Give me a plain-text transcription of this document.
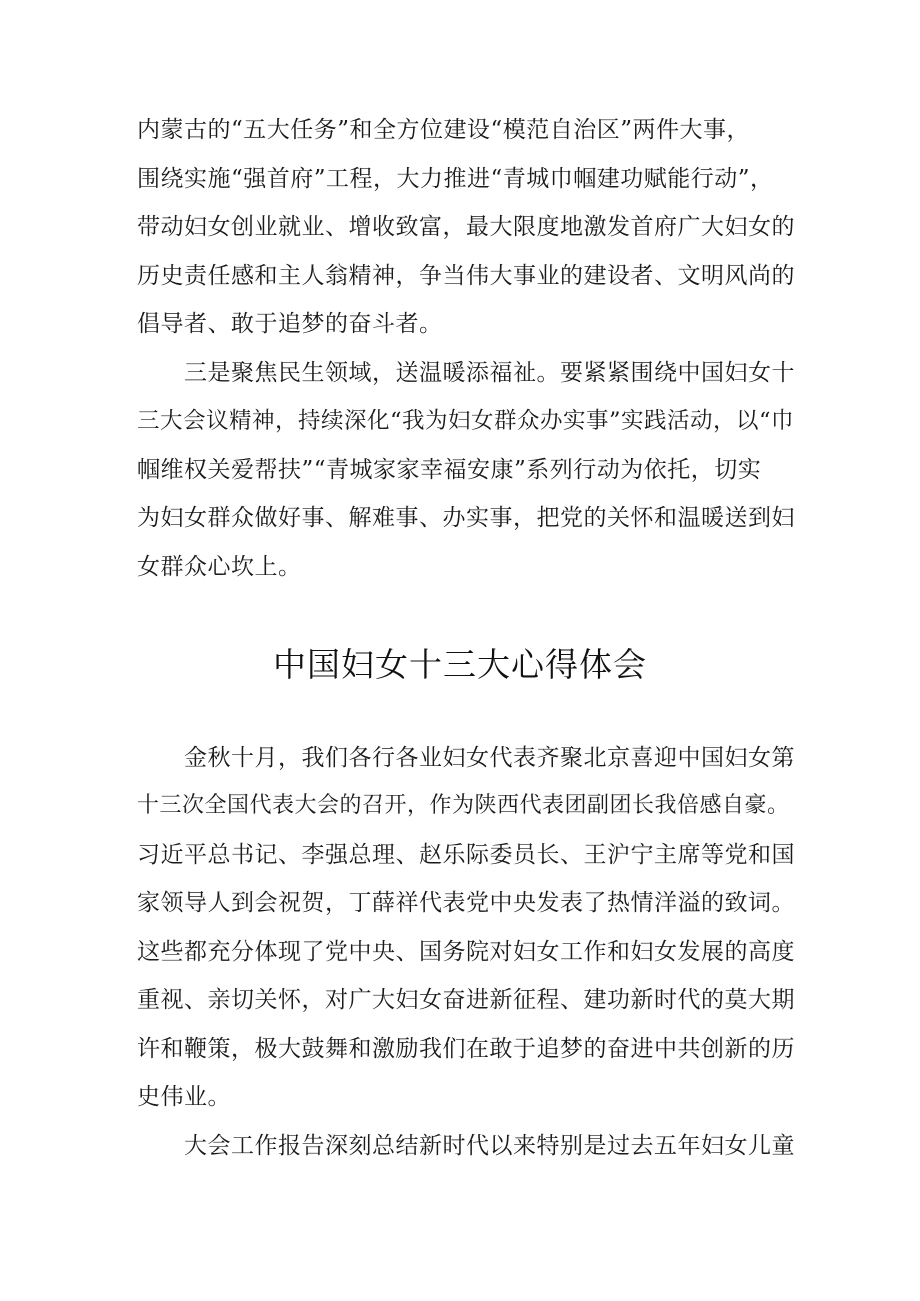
内蒙古的“五大任务”和全方位建设“模范自治区”两件大事，
围绕实施“强首府”工程，大力推进“青城巾帼建功赋能行动”，
带动妇女创业就业、增收致富，最大限度地激发首府广大妇女的
历史责任感和主人翁精神，争当伟大事业的建设者、文明风尚的
倡导者、敢于追梦的奋斗者。
　　三是聚焦民生领域，送温暖添福祉。要紧紧围绕中国妇女十
三大会议精神，持续深化“我为妇女群众办实事”实践活动，以“巾
帼维权关爱帮扶”“青城家家幸福安康”系列行动为依托，切实
为妇女群众做好事、解难事、办实事，把党的关怀和温暖送到妇
女群众心坎上。
中国妇女十三大心得体会
　　金秋十月，我们各行各业妇女代表齐聚北京喜迎中国妇女第
十三次全国代表大会的召开，作为陕西代表团副团长我倍感自豪。
习近平总书记、李强总理、赵乐际委员长、王沪宁主席等党和国
家领导人到会祝贺，丁薛祥代表党中央发表了热情洋溢的致词。
这些都充分体现了党中央、国务院对妇女工作和妇女发展的高度
重视、亲切关怀，对广大妇女奋进新征程、建功新时代的莫大期
许和鞭策，极大鼓舞和激励我们在敢于追梦的奋进中共创新的历
史伟业。
　　大会工作报告深刻总结新时代以来特别是过去五年妇女儿童
